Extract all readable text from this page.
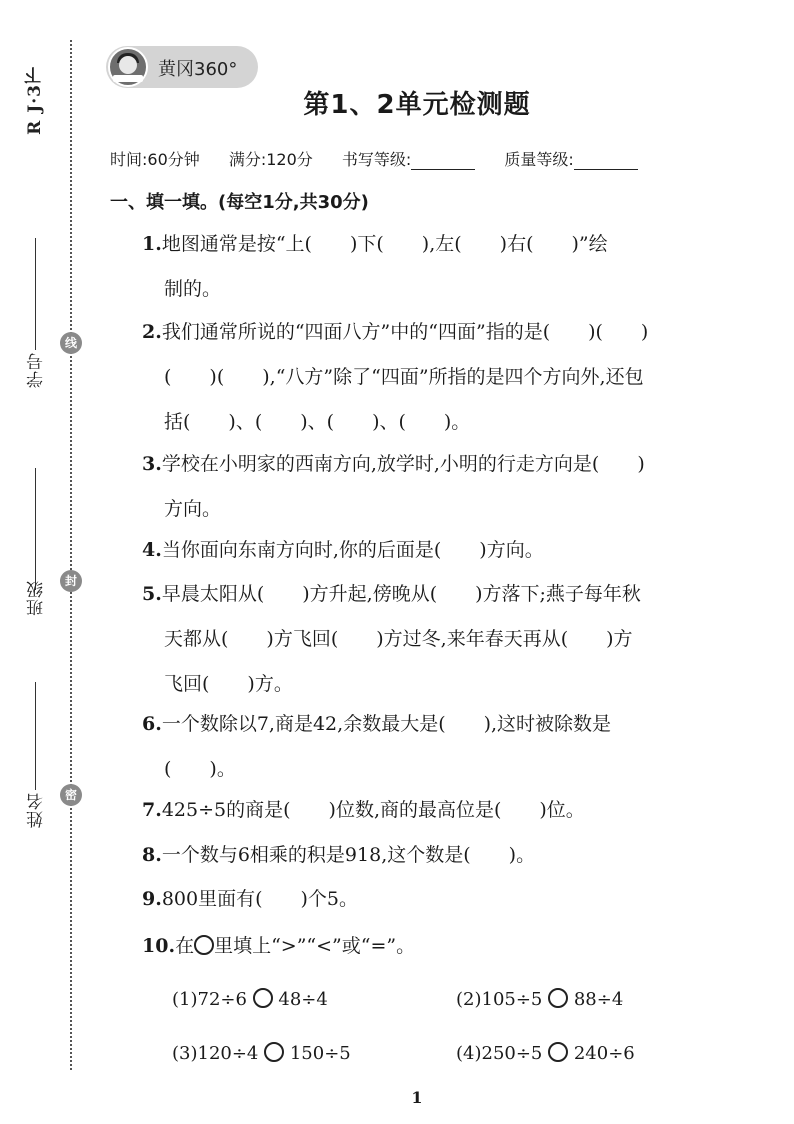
R J·3下
学号
班级
姓名
线
封
密
黄冈360°
第1、2单元检测题
时间:60分钟 满分:120分 书写等级:	质量等级:
一、填一填。(每空1分,共30分)
1.地图通常是按“上(　　)下(　　),左(　　)右(　　)”绘
制的。
2.我们通常所说的“四面八方”中的“四面”指的是(　　)(　　)
(　　)(　　),“八方”除了“四面”所指的是四个方向外,还包
括(　　)、(　　)、(　　)、(　　)。
3.学校在小明家的西南方向,放学时,小明的行走方向是(　　)
方向。
4.当你面向东南方向时,你的后面是(　　)方向。
5.早晨太阳从(　　)方升起,傍晚从(　　)方落下;燕子每年秋
天都从(　　)方飞回(　　)方过冬,来年春天再从(　　)方
飞回(　　)方。
6.一个数除以7,商是42,余数最大是(　　),这时被除数是
(　　)。
7.425÷5的商是(　　)位数,商的最高位是(　　)位。
8.一个数与6相乘的积是918,这个数是(　　)。
9.800里面有(　　)个5。
10.在 里填上“>”“<”或“=”。
(1)72÷6 48÷4	(2)105÷5 88÷4
(3)120÷4 150÷5	(4)250÷5 240÷6
1
